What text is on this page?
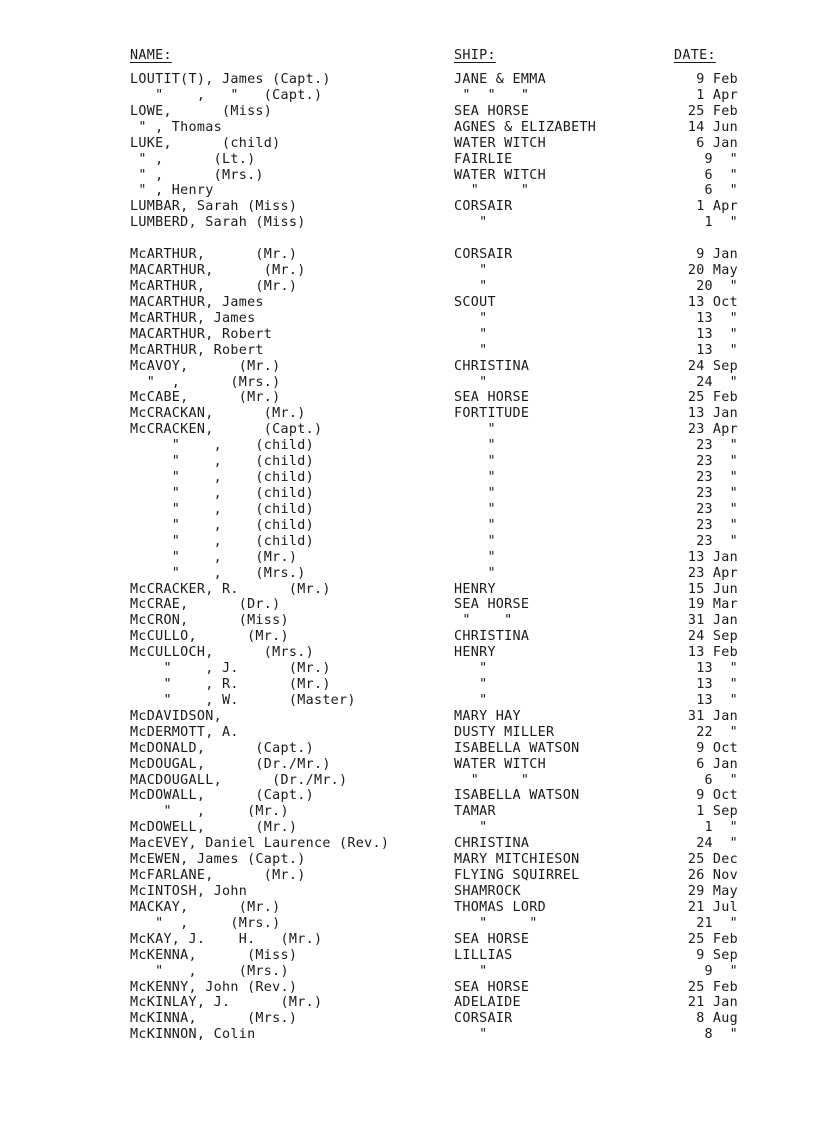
NAME:	SHIP:	DATE:
LOUTIT(T), James (Capt.)	JANE & EMMA	9 Feb
"    ,   "   (Capt.)	"  "   "	1 Apr
LOWE,      (Miss)	SEA HORSE	25 Feb
" , Thomas	AGNES & ELIZABETH	14 Jun
LUKE,      (child)	WATER WITCH	6 Jan
" ,      (Lt.)	FAIRLIE	9  "
" ,      (Mrs.)	WATER WITCH	6  "
" , Henry	"     "	6  "
LUMBAR, Sarah (Miss)	CORSAIR	1 Apr
LUMBERD, Sarah (Miss)	"	1  "
McARTHUR,      (Mr.)	CORSAIR	9 Jan
MACARTHUR,      (Mr.)	"	20 May
McARTHUR,      (Mr.)	"	20  "
MACARTHUR, James	SCOUT	13 Oct
McARTHUR, James	"	13  "
MACARTHUR, Robert	"	13  "
McARTHUR, Robert	"	13  "
McAVOY,      (Mr.)	CHRISTINA	24 Sep
"  ,      (Mrs.)	"	24  "
McCABE,      (Mr.)	SEA HORSE	25 Feb
McCRACKAN,      (Mr.)	FORTITUDE	13 Jan
McCRACKEN,      (Capt.)	"	23 Apr
"    ,    (child)	"	23  "
"    ,    (child)	"	23  "
"    ,    (child)	"	23  "
"    ,    (child)	"	23  "
"    ,    (child)	"	23  "
"    ,    (child)	"	23  "
"    ,    (child)	"	23  "
"    ,    (Mr.)	"	13 Jan
"    ,    (Mrs.)	"	23 Apr
McCRACKER, R.      (Mr.)	HENRY	15 Jun
McCRAE,      (Dr.)	SEA HORSE	19 Mar
McCRON,      (Miss)	"    "	31 Jan
McCULLO,      (Mr.)	CHRISTINA	24 Sep
McCULLOCH,      (Mrs.)	HENRY	13 Feb
"    , J.      (Mr.)	"	13  "
"    , R.      (Mr.)	"	13  "
"    , W.      (Master)	"	13  "
McDAVIDSON,	MARY HAY	31 Jan
McDERMOTT, A.	DUSTY MILLER	22  "
McDONALD,      (Capt.)	ISABELLA WATSON	9 Oct
McDOUGAL,      (Dr./Mr.)	WATER WITCH	6 Jan
MACDOUGALL,      (Dr./Mr.)	"     "	6  "
McDOWALL,      (Capt.)	ISABELLA WATSON	9 Oct
"   ,     (Mr.)	TAMAR	1 Sep
McDOWELL,      (Mr.)	"	1  "
MacEVEY, Daniel Laurence (Rev.)	CHRISTINA	24  "
McEWEN, James (Capt.)	MARY MITCHIESON	25 Dec
McFARLANE,      (Mr.)	FLYING SQUIRREL	26 Nov
McINTOSH, John	SHAMROCK	29 May
MACKAY,      (Mr.)	THOMAS LORD	21 Jul
"  ,     (Mrs.)	"     "	21  "
McKAY, J.    H.   (Mr.)	SEA HORSE	25 Feb
McKENNA,      (Miss)	LILLIAS	9 Sep
"   ,     (Mrs.)	"	9  "
McKENNY, John (Rev.)	SEA HORSE	25 Feb
McKINLAY, J.      (Mr.)	ADELAIDE	21 Jan
McKINNA,      (Mrs.)	CORSAIR	8 Aug
McKINNON, Colin	"	8  "
